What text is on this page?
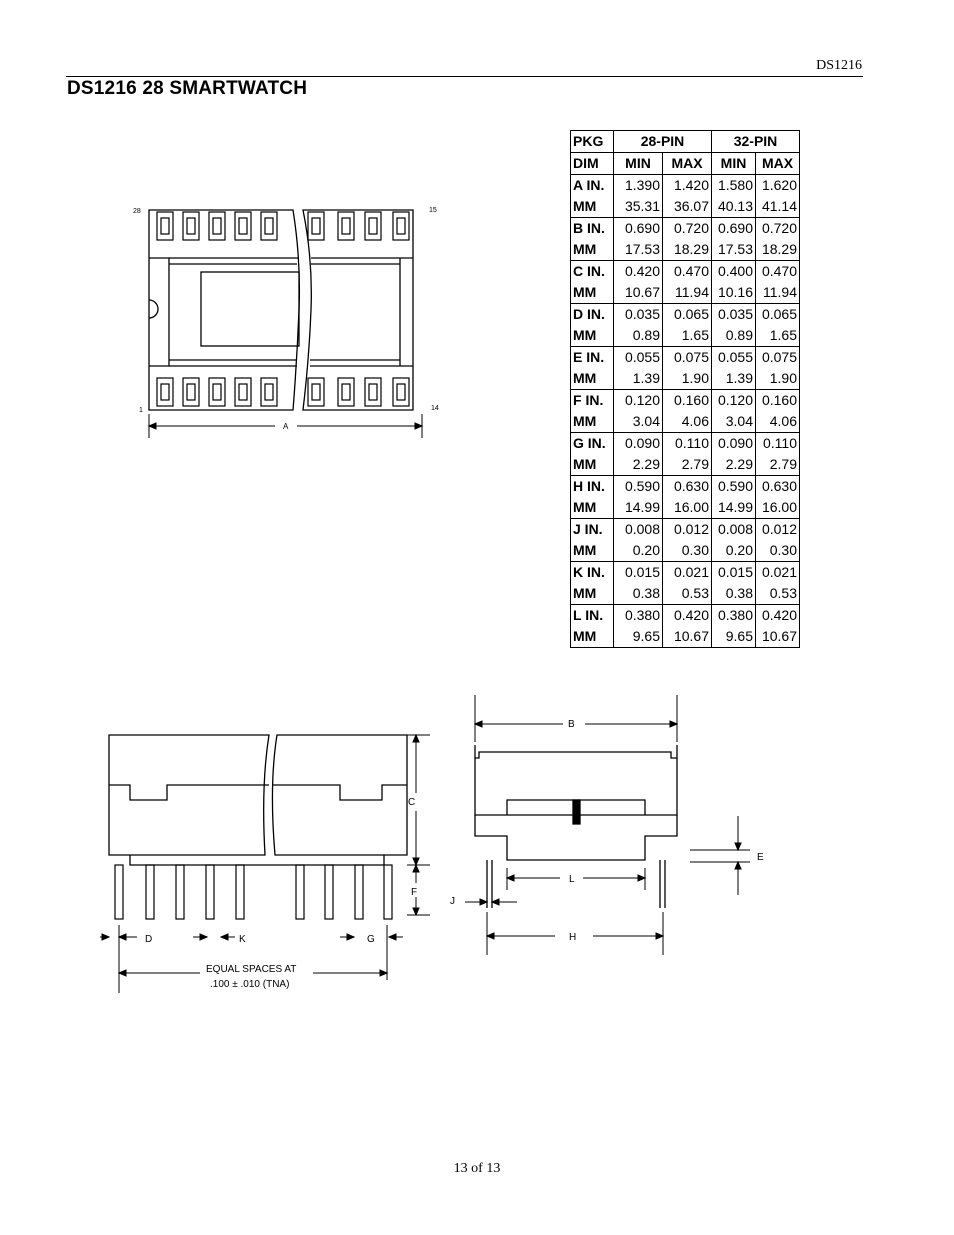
DS1216
DS1216 28 SMARTWATCH
PKG	28-PIN		32-PIN	
DIM	MIN	MAX	MIN	MAX
A IN.	1.390	1.420	1.580	1.620
MM	35.31	36.07	40.13	41.14
B IN.	0.690	0.720	0.690	0.720
MM	17.53	18.29	17.53	18.29
C IN.	0.420	0.470	0.400	0.470
MM	10.67	11.94	10.16	11.94
D IN.	0.035	0.065	0.035	0.065
MM	0.89	1.65	0.89	1.65
E IN.	0.055	0.075	0.055	0.075
MM	1.39	1.90	1.39	1.90
F IN.	0.120	0.160	0.120	0.160
MM	3.04	4.06	3.04	4.06
G IN.	0.090	0.110	0.090	0.110
MM	2.29	2.79	2.29	2.79
H IN.	0.590	0.630	0.590	0.630
MM	14.99	16.00	14.99	16.00
J IN.	0.008	0.012	0.008	0.012
MM	0.20	0.30	0.20	0.30
K IN.	0.015	0.021	0.015	0.021
MM	0.38	0.53	0.38	0.53
L IN.	0.380	0.420	0.380	0.420
MM	9.65	10.67	9.65	10.67
28	15
1	14
A
C
F
D	K	G
EQUAL SPACES AT
.100 ± .010 (TNA)
B
E
L
J
H
13 of 13
